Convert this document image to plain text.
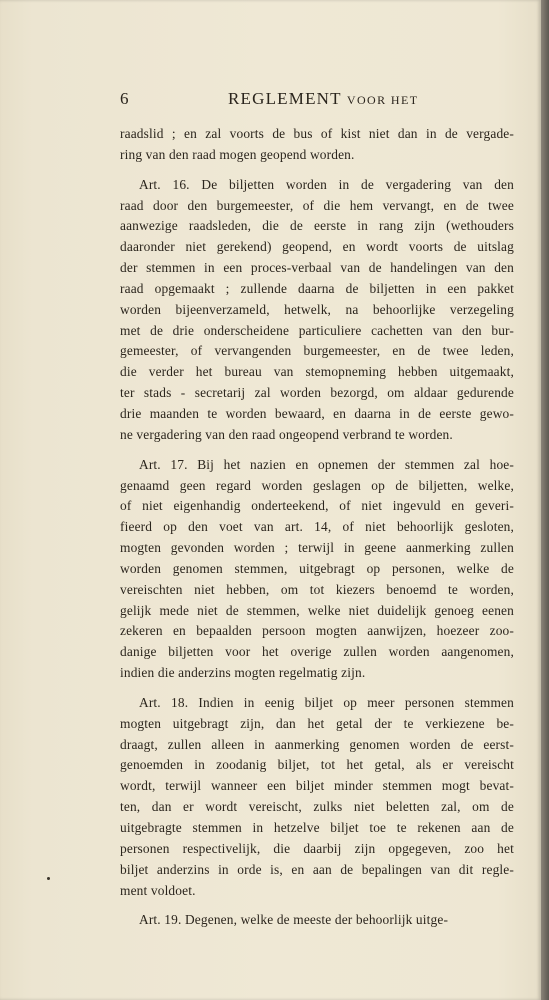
6	REGLEMENT VOOR HET
raadslid ; en zal voorts de bus of kist niet dan in de vergade-
ring van den raad mogen geopend worden.
Art. 16. De biljetten worden in de vergadering van den
raad door den burgemeester, of die hem vervangt, en de twee
aanwezige raadsleden, die de eerste in rang zijn (wethouders
daaronder niet gerekend) geopend, en wordt voorts de uitslag
der stemmen in een proces-verbaal van de handelingen van den
raad opgemaakt ; zullende daarna de biljetten in een pakket
worden bijeenverzameld, hetwelk, na behoorlijke verzegeling
met de drie onderscheidene particuliere cachetten van den bur-
gemeester, of vervangenden burgemeester, en de twee leden,
die verder het bureau van stemopneming hebben uitgemaakt,
ter stads - secretarij zal worden bezorgd, om aldaar gedurende
drie maanden te worden bewaard, en daarna in de eerste gewo-
ne vergadering van den raad ongeopend verbrand te worden.
Art. 17. Bij het nazien en opnemen der stemmen zal hoe-
genaamd geen regard worden geslagen op de biljetten, welke,
of niet eigenhandig onderteekend, of niet ingevuld en geveri-
fieerd op den voet van art. 14, of niet behoorlijk gesloten,
mogten gevonden worden ; terwijl in geene aanmerking zullen
worden genomen stemmen, uitgebragt op personen, welke de
vereischten niet hebben, om tot kiezers benoemd te worden,
gelijk mede niet de stemmen, welke niet duidelijk genoeg eenen
zekeren en bepaalden persoon mogten aanwijzen, hoezeer zoo-
danige biljetten voor het overige zullen worden aangenomen,
indien die anderzins mogten regelmatig zijn.
Art. 18. Indien in eenig biljet op meer personen stemmen
mogten uitgebragt zijn, dan het getal der te verkiezene be-
draagt, zullen alleen in aanmerking genomen worden de eerst-
genoemden in zoodanig biljet, tot het getal, als er vereischt
wordt, terwijl wanneer een biljet minder stemmen mogt bevat-
ten, dan er wordt vereischt, zulks niet beletten zal, om de
uitgebragte stemmen in hetzelve biljet toe te rekenen aan de
personen respectivelijk, die daarbij zijn opgegeven, zoo het
biljet anderzins in orde is, en aan de bepalingen van dit regle-
ment voldoet.
Art. 19. Degenen, welke de meeste der behoorlijk uitge-
